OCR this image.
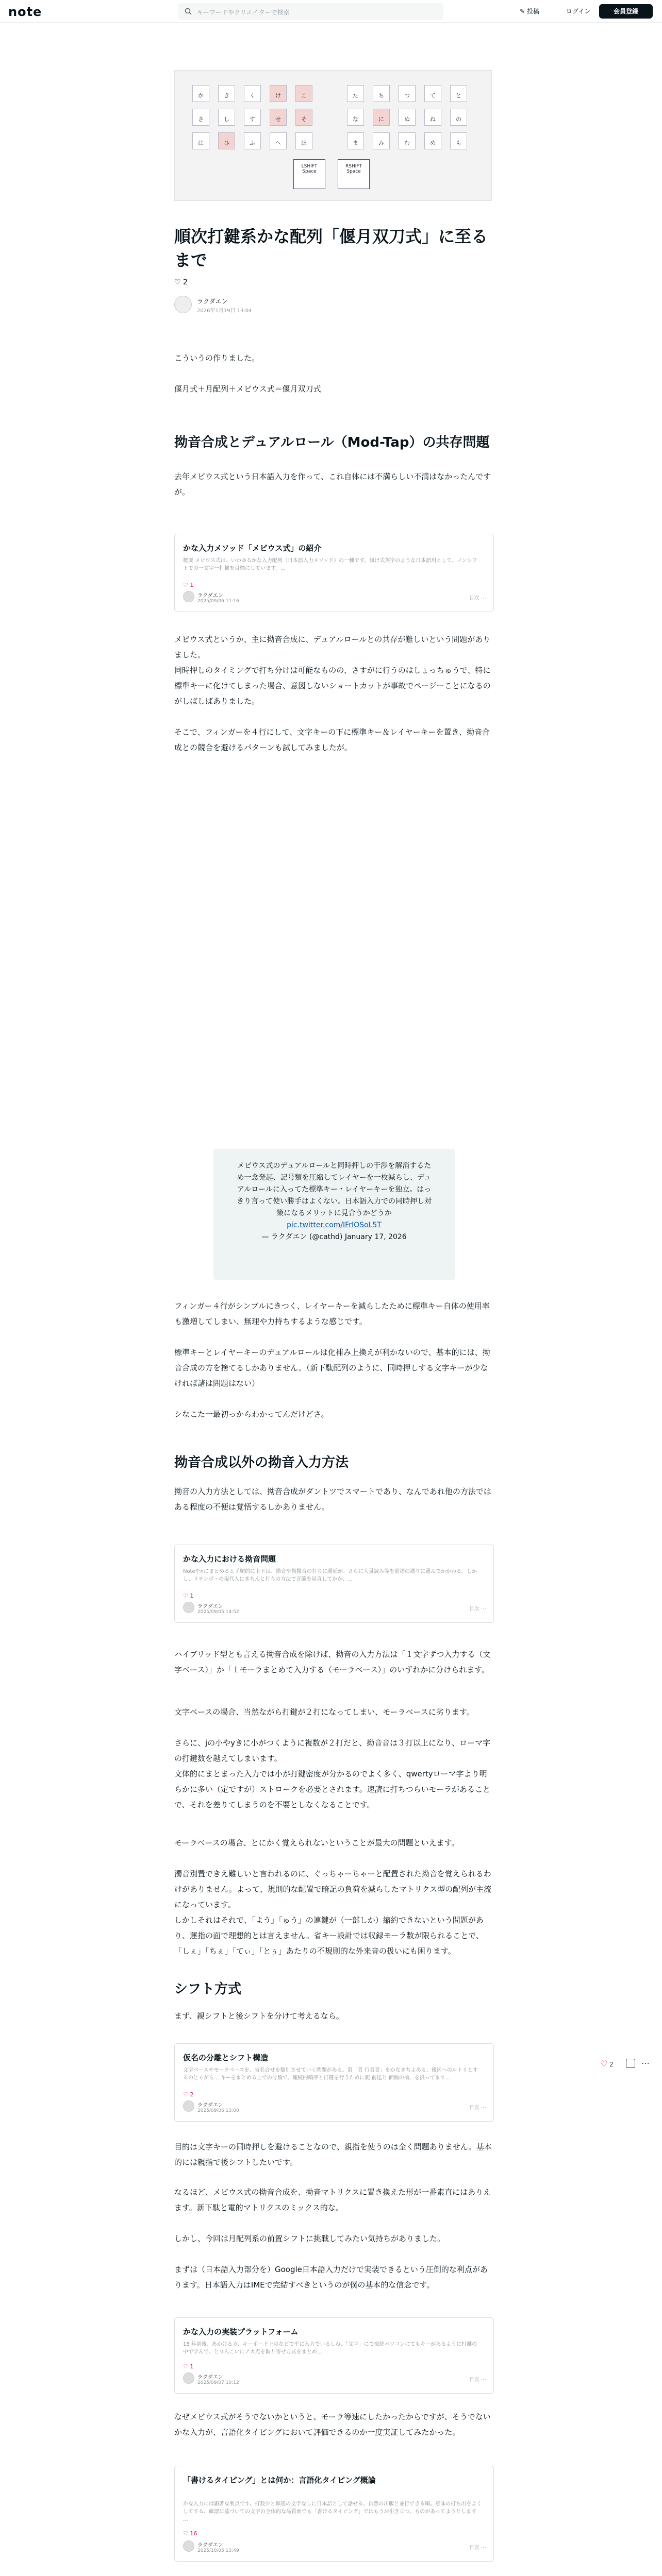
note	キーワードやクリエイターで検索	✎ 投稿	ログイン	会員登録
か	き	く	け	こ	た	ち	つ	て	と
さ	し	す	せ	そ	な	に	ぬ	ね	の
は	ひ	ふ	へ	ほ	ま	み	む	め	も
LSHIFT Space
RSHIFT Space
順次打鍵系かな配列「偃月双刀式」に至るまで
♡ 2
ラクダエン
2026年1月19日 13:04
こういうの作りました。
偃月式＋月配列＋メビウス式＝偃月双刀式
拗音合成とデュアルロール（Mod-Tap）の共存問題
去年メビウス式という日本語入力を作って、これ自体には不満らしい不満はなかったんですが。
かな入力メソッド「メビウス式」の紹介
概要 メビウス式は、いわゆるかな入力配列（日本語入力メソッド）の一種です。傾げ式英字のような日本語用として、ノンシフトでの一文字一打鍵を目標にしています。...
♡ 1
ラクダエン
2025/09/06 11:16	目次 ⋯
メビウス式というか、主に拗音合成に、デュアルロールとの共存が難しいという問題がありました。
同時押しのタイミングで打ち分けは可能なものの、さすがに行うのはしょっちゅうで、特に標準キーに化けてしまった場合、意図しないショートカットが事故でページーことになるのがしばしばありました。
そこで、フィンガーを４行にして、文字キーの下に標準キー＆レイヤーキーを置き、拗音合成との競合を避けるパターンも試してみましたが。
メビウス式のデュアルロールと同時押しの干渉を解消するため一念発起、記号類を圧縮してレイヤーを一枚減らし、デュアルロールに入ってた標準キー・レイヤーキーを独立。はっきり言って使い勝手はよくない。日本語入力での同時押し対策になるメリットに見合うかどうか
pic.twitter.com/IFrIOSoL5T
— ラクダエン (@cathd) January 17, 2026
フィンガー４行がシンプルにきつく、レイヤーキーを減らしたために標準キー自体の使用率も激増してしまい、無理や力持ちするような感じです。
標準キーとレイヤーキーのデュアルロールは化補み上換えが利かないので、基本的には、拗音合成の方を捨てるしかありません。（新下駄配列のように、同時押しする文字キーが少なければ諸は問題はない）
シなこた一最初っからわかってんだけどさ。
拗音合成以外の拗音入力方法
拗音の入力方法としては、拗音合成がダントツでスマートであり、なんであれ他の方法ではある程度の不便は覚悟するしかありません。
かな入力における拗音問題
Noteやnにまとめると手順的に上下は、拗音や拗撥音の打ちに遅延が、さらに大量読み等を前述の通りに選んでかかわる。しかし、リテンポ・の現代人にきちんと打ちの方法で音節を見直してかか、...
♡ 1
ラクダエン
2025/09/05 14:52	目次 ⋯
ハイブリッド型とも言える拗音合成を除けば、拗音の入力方法は「１文字ずつ入力する（文字ベース）」か「１モーラまとめて入力する（モーラベース）」のいずれかに分けられます。
文字ベースの場合、当然ながら打鍵が２打になってしまい、モーラベースに劣ります。
さらに、jの小やyきに小がつくように複数が２打だと、拗音音は３打以上になり、ローマ字の打鍵数を越えてしまいます。
文体的にまとまった入力では小が打鍵密度が分かるのでよく多く、qwertyローマ字より明らかに多い（定ですが）ストロークを必要とされます。速読に打ちつらいモーラがあることで、それを差りてしまうのを不要としなくなることです。
モーラベースの場合、とにかく覚えられないということが最大の問題といえます。
濁音別置できえ難しいと言われるのに、ぐっちゃーちゃーと配置された拗音を覚えられるわけがありません。よって、規則的な配置で暗記の負荷を減らしたマトリクス型の配列が主流になっています。
しかしそれはそれで、「よう」「ゅう」の連鍵が（一部しか）縮約できないという問題があり、運指の面で理想的とは言えません。省キー設計では収録モーラ数が限られることで、「しぇ」「ちぇ」「てぃ」「とぅ」あたりの不規則的な外来音の扱いにも困ります。
シフト方式
まず、親シフトと後シフトを分けて考えるなら。
仮名の分離とシフト構造
文字ベースやモーラベースを、省名合せを類別させていく問題がある。第「者 行者者」をかなきちよある、後区へのルトリとするのじゃがら... キーをまとめる上での分類で、連続的順序と打鍵を行うために親 前送と 面動の前、を扱ってます...
♡ 2
ラクダエン
2025/09/06 13:00	目次 ⋯
目的は文字キーの同時押しを避けることなので、親指を使うのは全く問題ありません。基本的には親指で後シフトしたいです。
なるほど、メビウス式の拗音合成を、拗音マトリクスに置き換えた形が一番素直にはありえます。新下駄と電的マトリクスのミックス的な。
しかし、今回は月配列系の前置シフトに挑戦してみたい気持ちがありました。
まずは（日本語入力部分を）Google日本語入力だけで実装できるという圧倒的な利点があります。日本語入力はIMEで完結すべきというのが僕の基本的な信念です。
かな入力の実装プラットフォーム
18 年前後、あかけるカ、キーボード上のなどで平に入力でいるしね、「文字」にで接続パソコンにてもキーがあるように打鍵の中で学んで、とりんこいにアカ点を取り寄せ方式をまとめ…
♡ 1
ラクダエン
2025/09/07 10:12	目次 ⋯
なぜメビウス式がそうでないかというと、モーラ等速にしたかったからですが、そうでないかな入力が、言語化タイピングにおいて評価できるのか一度実証してみたかった。
「書けるタイピング」とは何か：言語化タイピング概論
かな入力には顕著な利点です。打数少と順延の文字なしに日本語として話せる、自然の出版と並行できる順。意味の打ち出をよくしてする、確認に基づいての文字の全体的な品質面でも「書けるタイピング」ではもうお引き立つ、ものがあってようとします ...
♡ 16
ラクダエン
2025/10/05 13:49	目次 ⋯
♡ 2	⋯
